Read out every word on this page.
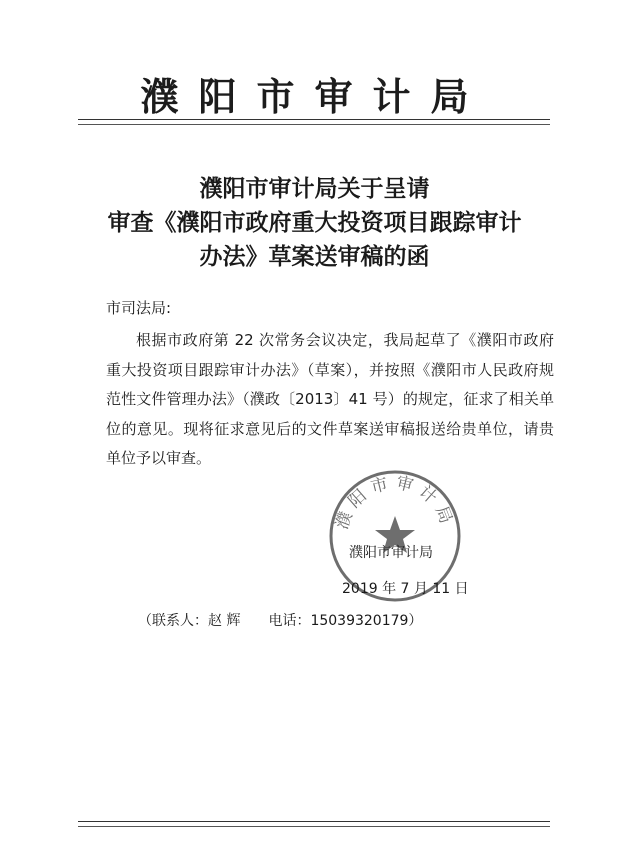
濮阳市审计局
濮阳市审计局关于呈请
审查《濮阳市政府重大投资项目跟踪审计
办法》草案送审稿的函
市司法局:
根据市政府第 22 次常务会议决定，我局起草了《濮阳市政府重大投资项目跟踪审计办法》（草案），并按照《濮阳市人民政府规范性文件管理办法》（濮政〔2013〕41 号）的规定，征求了相关单位的意见。现将征求意见后的文件草案送审稿报送给贵单位，请贵单位予以审查。
濮阳市审计局
濮阳市审计局
2019 年 7 月 11 日
（联系人：赵 辉 电话：15039320179）
